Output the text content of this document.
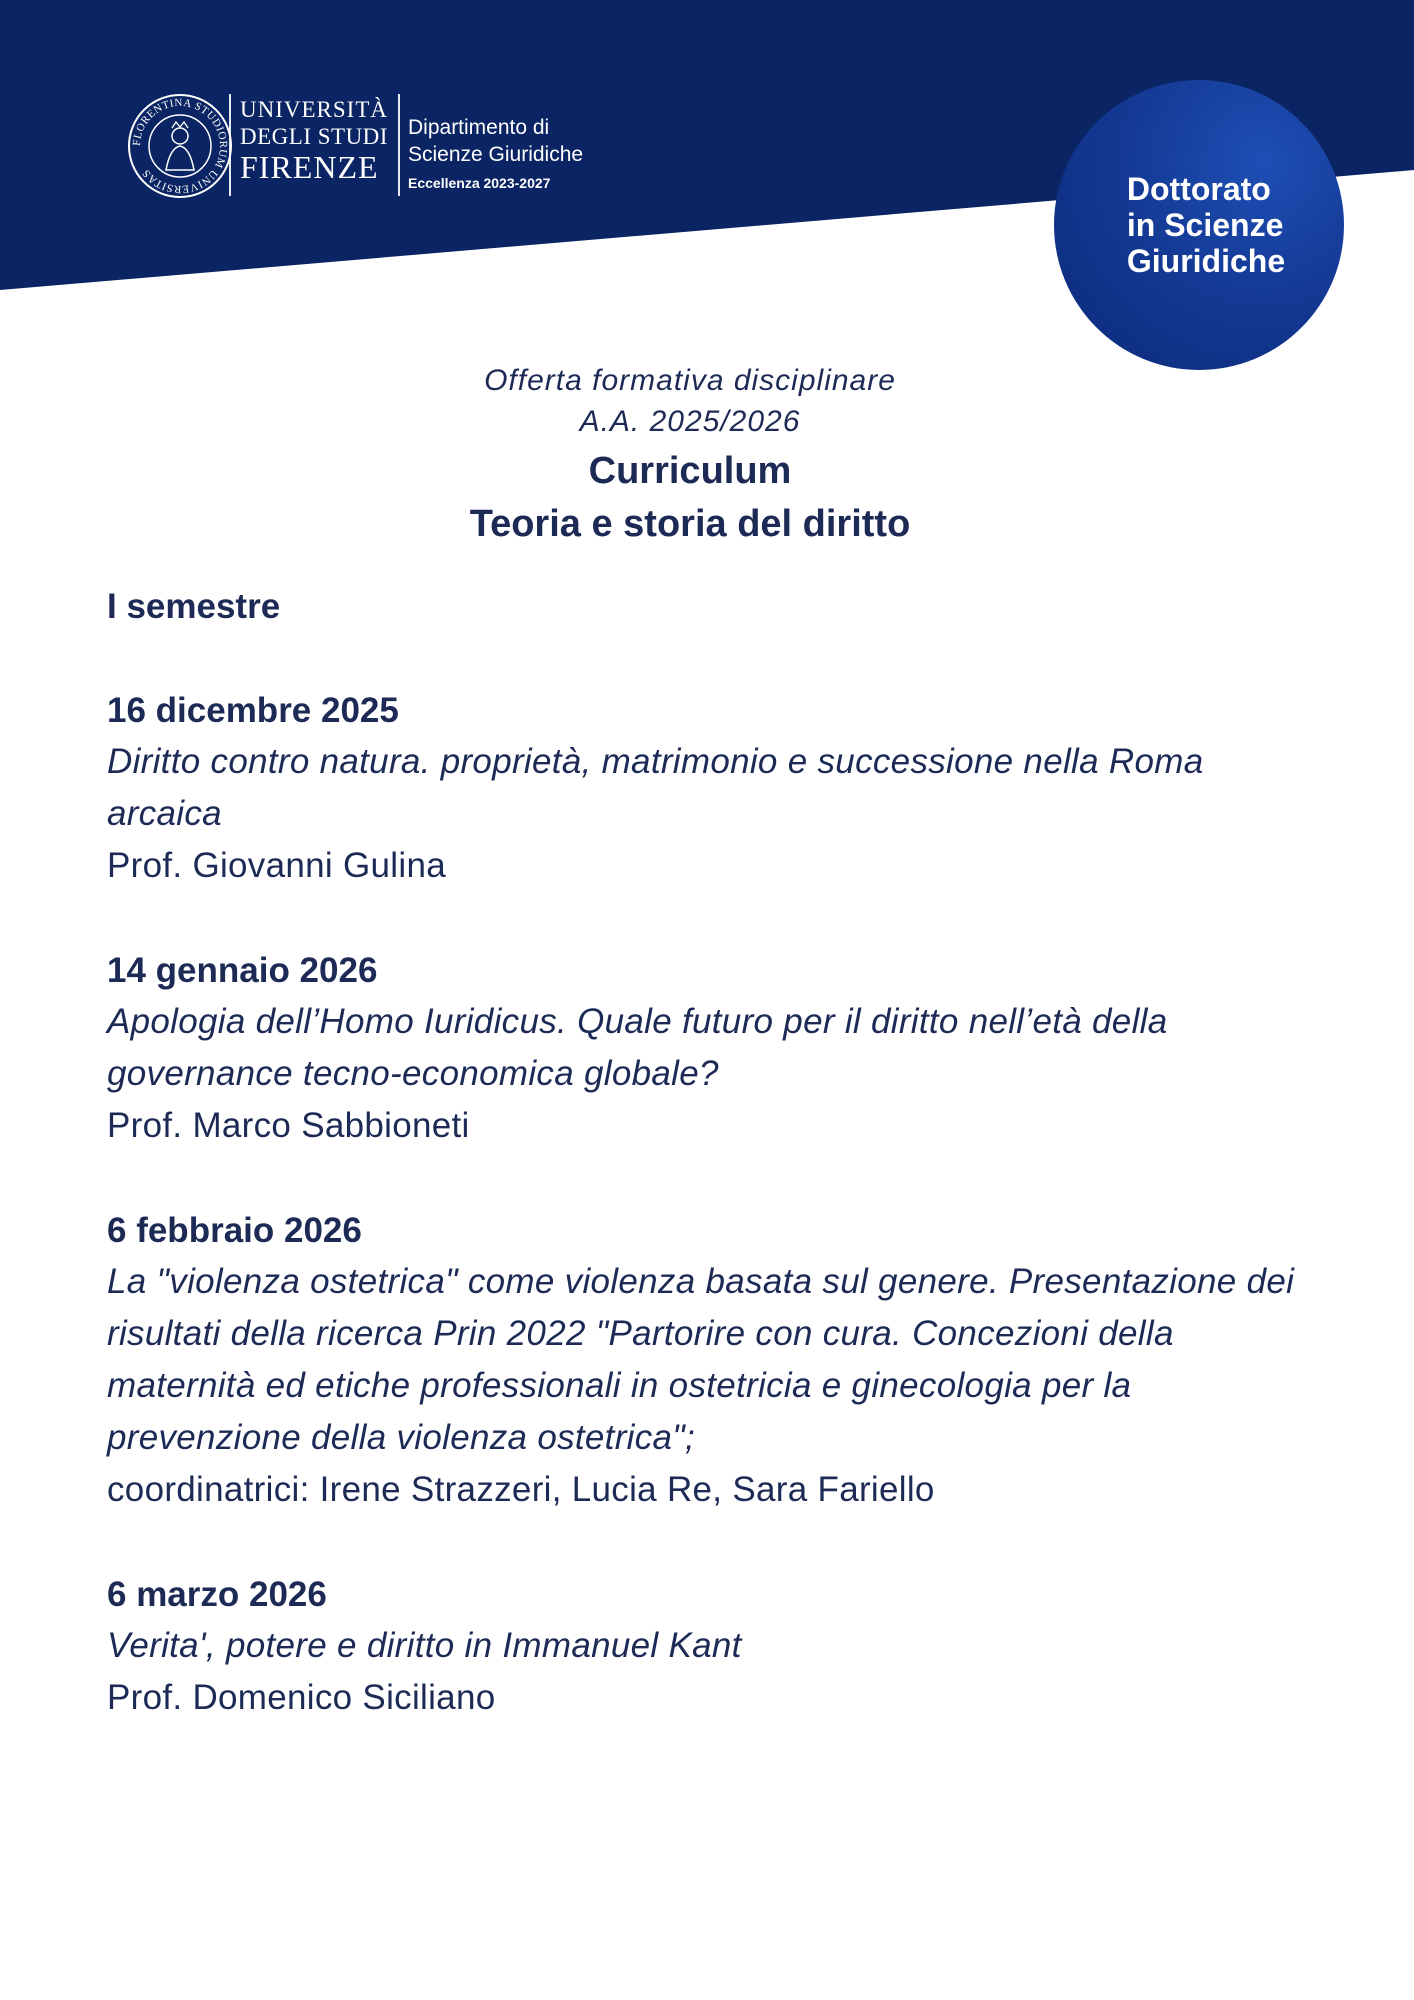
FLORENTINA STUDIORUM UNIVERSITAS
UNIVERSITÀ
DEGLI STUDI
FIRENZE
Dipartimento di
Scienze Giuridiche
Eccellenza 2023-2027	Dottorato
in Scienze
Giuridiche
Offerta formativa disciplinare
A.A. 2025/2026
Curriculum
Teoria e storia del diritto
I semestre
16 dicembre 2025
Diritto contro natura. proprietà, matrimonio e successione nella Roma arcaica
Prof. Giovanni Gulina
14 gennaio 2026
Apologia dell’Homo Iuridicus. Quale futuro per il diritto nell’età della governance tecno-economica globale?
Prof. Marco Sabbioneti
6 febbraio 2026
La "violenza ostetrica" come violenza basata sul genere. Presentazione dei risultati della ricerca Prin 2022 "Partorire con cura. Concezioni della maternità ed etiche professionali in ostetricia e ginecologia per la prevenzione della violenza ostetrica";
coordinatrici: Irene Strazzeri, Lucia Re, Sara Fariello
6 marzo 2026
Verita', potere e diritto in Immanuel Kant
Prof. Domenico Siciliano
